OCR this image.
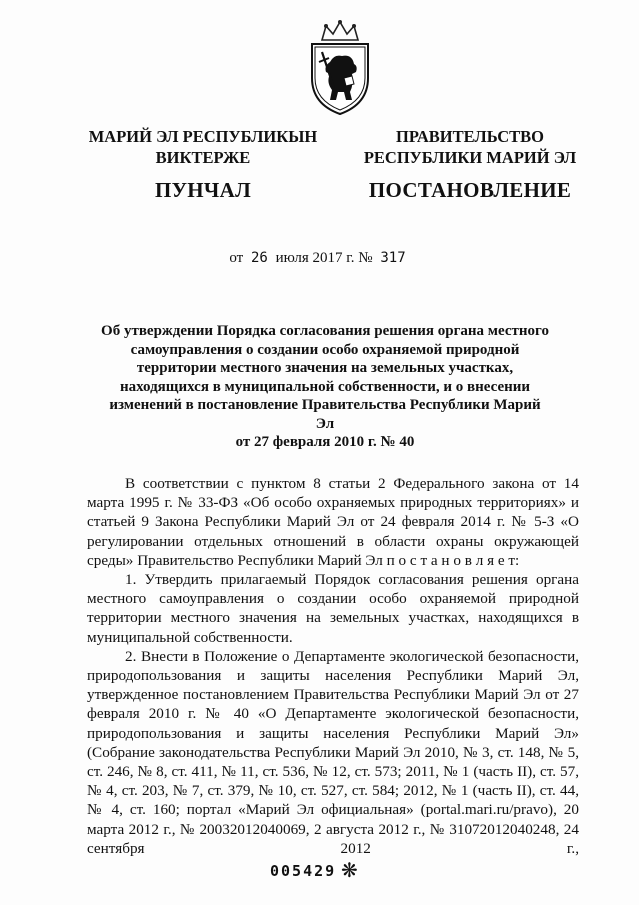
МАРИЙ ЭЛ РЕСПУБЛИКЫН
ВИКТЕРЖЕ
ПУНЧАЛ
ПРАВИТЕЛЬСТВО
РЕСПУБЛИКИ МАРИЙ ЭЛ
ПОСТАНОВЛЕНИЕ
от 26 июля 2017 г. № 317
Об утверждении Порядка согласования решения органа местного
самоуправления о создании особо охраняемой природной
территории местного значения на земельных участках,
находящихся в муниципальной собственности, и о внесении
изменений в постановление Правительства Республики Марий Эл
от 27 февраля 2010 г. № 40

В соответствии с пунктом 8 статьи 2 Федерального закона от 14 марта 1995 г. № 33-ФЗ «Об особо охраняемых природных территориях» и статьей 9 Закона Республики Марий Эл от 24 февраля 2014 г. № 5-З «О регулировании отдельных отношений в области охраны окружающей среды» Правительство Республики Марий Эл п о с т а н о в л я е т:

1. Утвердить прилагаемый Порядок согласования решения органа местного самоуправления о создании особо охраняемой природной территории местного значения на земельных участках, находящихся в муниципальной собственности.

2. Внести в Положение о Департаменте экологической безопасности, природопользования и защиты населения Республики Марий Эл, утвержденное постановлением Правительства Республики Марий Эл от 27 февраля 2010 г. № 40 «О Департаменте экологической безопасности, природопользования и защиты населения Республики Марий Эл» (Собрание законодательства Республики Марий Эл 2010, № 3, ст. 148, № 5, ст. 246, № 8, ст. 411, № 11, ст. 536, № 12, ст. 573; 2011, № 1 (часть II), ст. 57, № 4, ст. 203, № 7, ст. 379, № 10, ст. 527, ст. 584; 2012, № 1 (часть II), ст. 44, № 4, ст. 160; портал «Марий Эл официальная» (portal.mari.ru/pravo), 20 марта 2012 г., № 20032012040069, 2 августа 2012 г., № 31072012040248, 24 сентября 2012 г.,

005429 ❋
